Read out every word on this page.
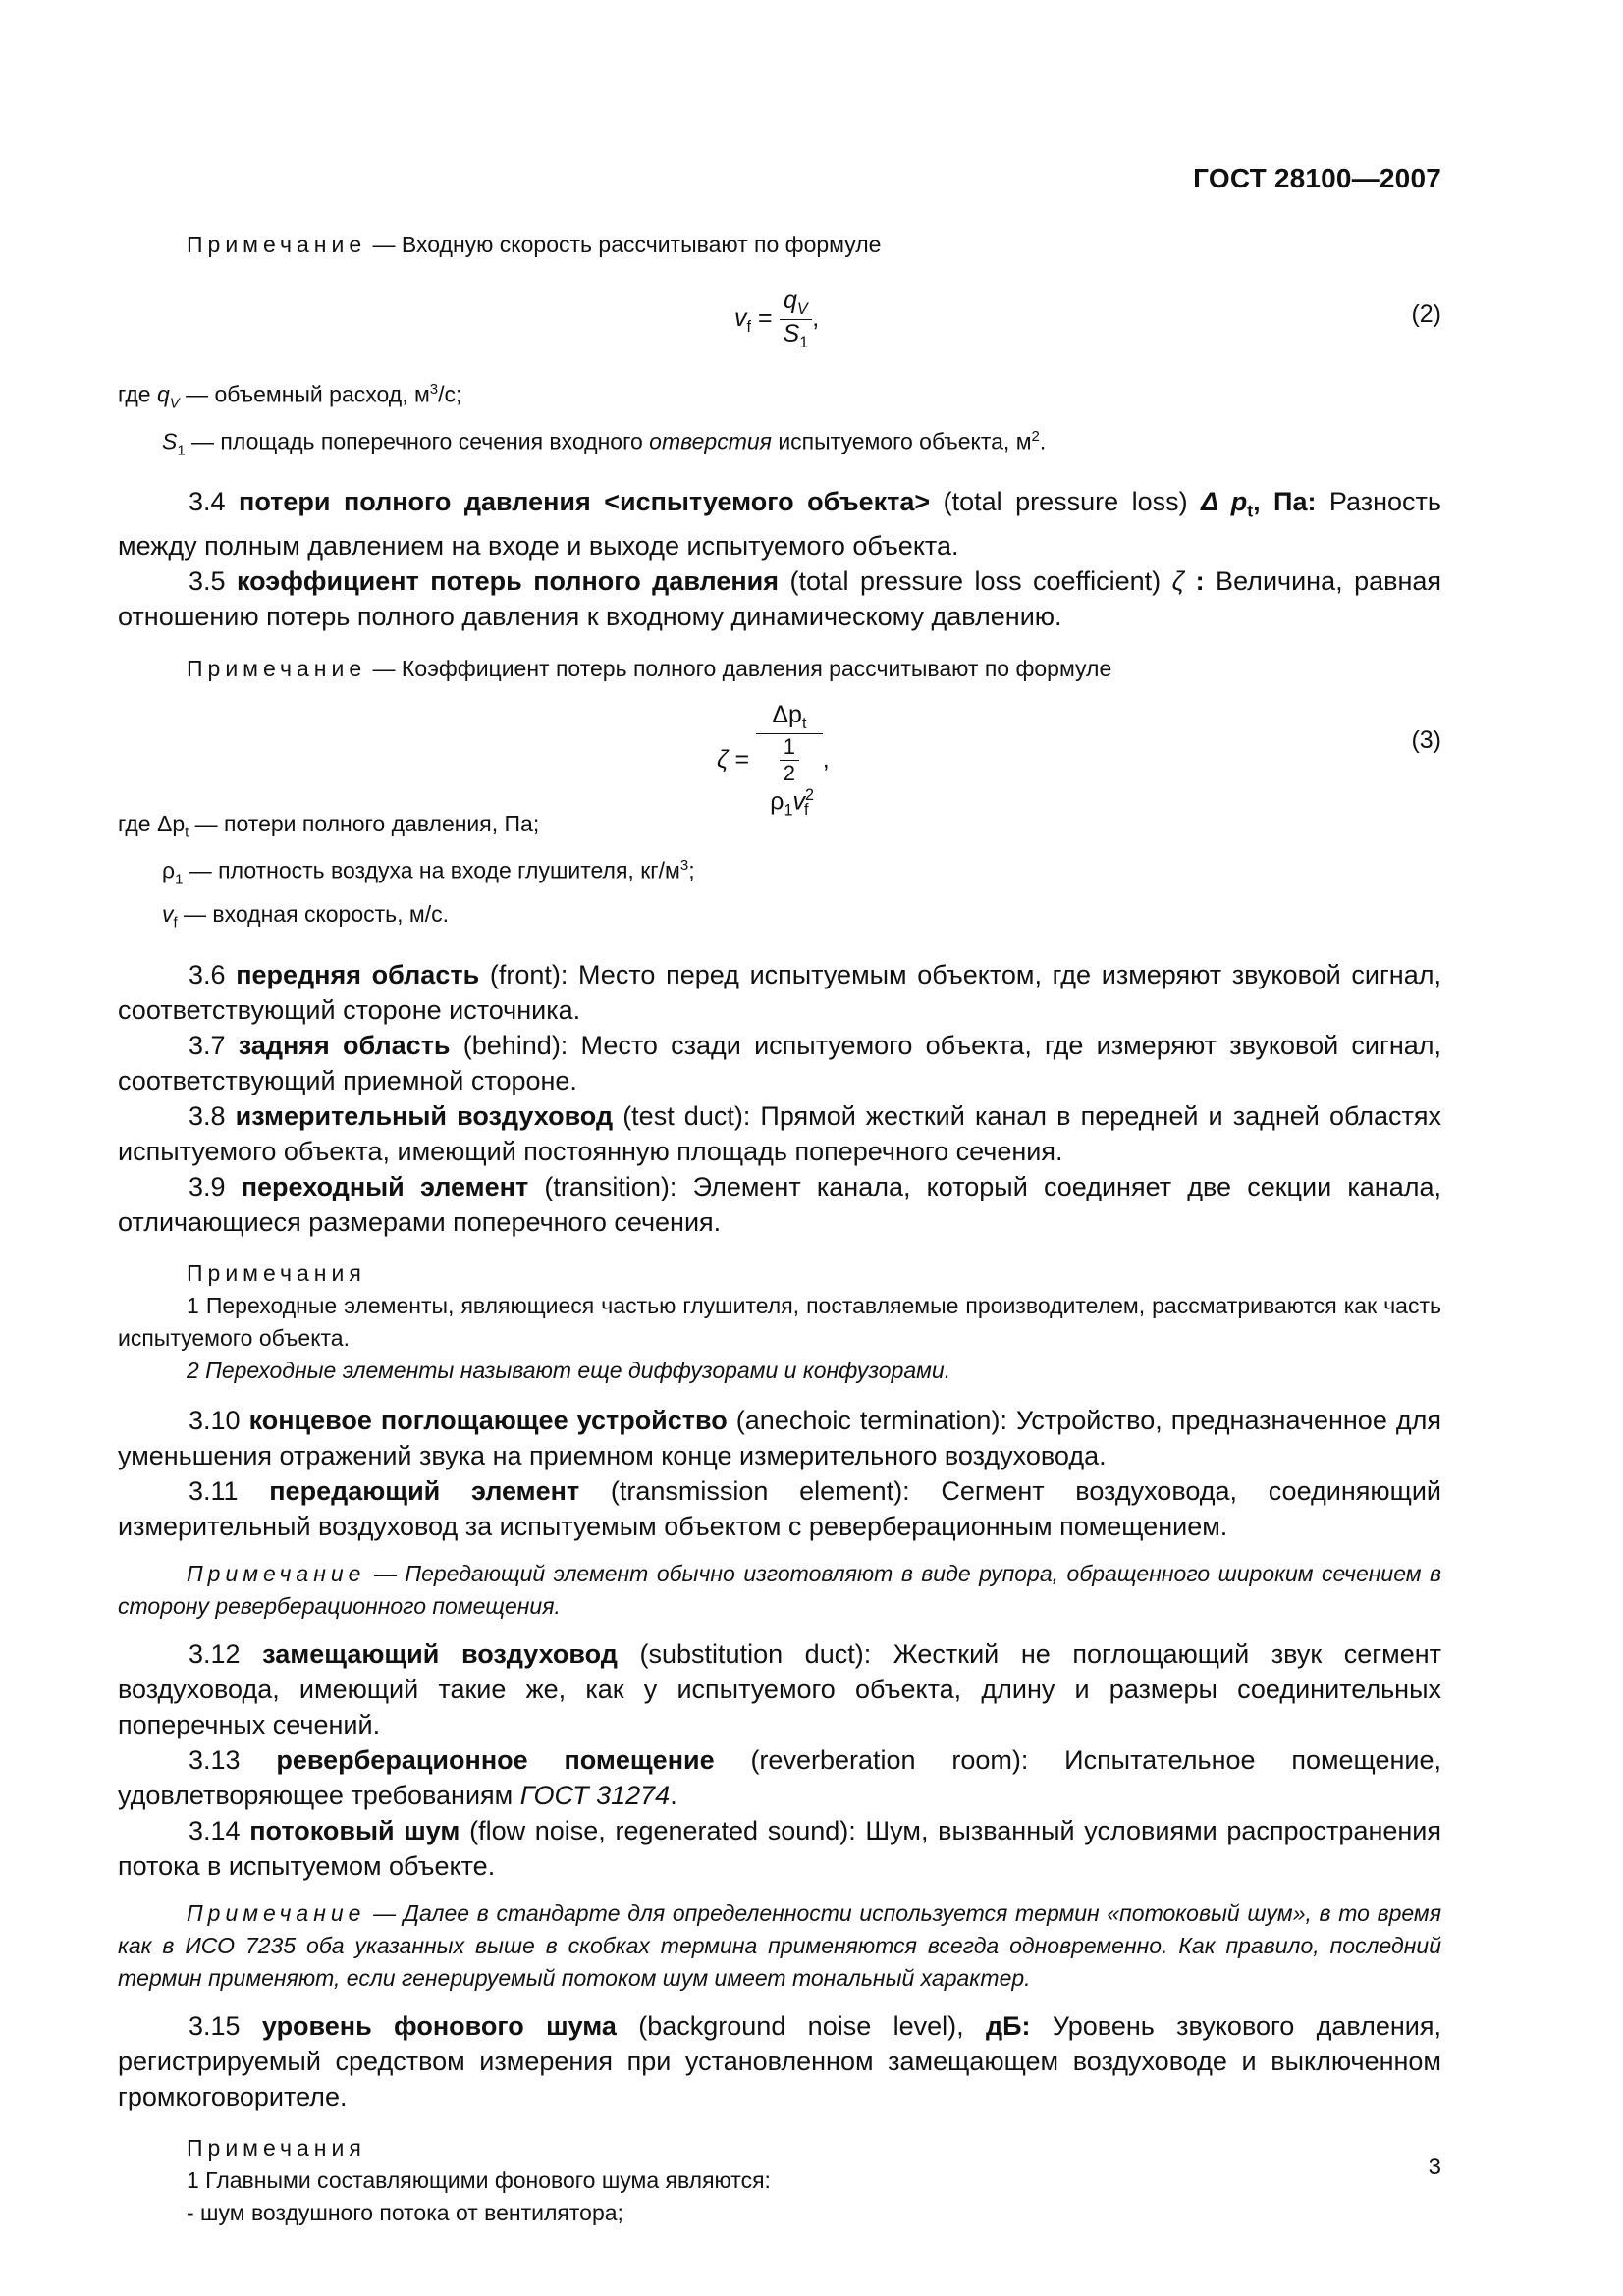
ГОСТ 28100—2007

Примечание — Входную скорость рассчитывают по формуле

$v_f = \frac{q_V}{S_1}$ ,	(2)
где $q_V$ — объемный расход, $м^3/с$;
$S_1$ — площадь поперечного сечения входного отверстия испытуемого объекта, $м^2$.

3.4 потери полного давления <испытуемого объекта> (total pressure loss) Δ $p_t$, Па: Разность между полным давлением на входе и выходе испытуемого объекта.

3.5 коэффициент потерь полного давления (total pressure loss coefficient) ζ : Величина, равная отношению потерь полного давления к входному динамическому давлению.

Примечание — Коэффициент потерь полного давления рассчитывают по формуле

$\zeta = \Delta p_t$
$\frac{1}{2}$
$\rho_1v^2_f$ ,
(3)
где $\Delta p_t$ — потери полного давления, Па;
$\rho_1$ — плотность воздуха на входе глушителя, $кг/м^3$;
$v_f$ — входная скорость, м/с.

3.6 передняя область (front): Место перед испытуемым объектом, где измеряют звуковой сигнал, соответствующий стороне источника.

3.7 задняя область (behind): Место сзади испытуемого объекта, где измеряют звуковой сигнал, соответствующий приемной стороне.

3.8 измерительный воздуховод (test duct): Прямой жесткий канал в передней и задней областях испытуемого объекта, имеющий постоянную площадь поперечного сечения.

3.9 переходный элемент (transition): Элемент канала, который соединяет две секции канала, отличающиеся размерами поперечного сечения.

Примечания
1 Переходные элементы, являющиеся частью глушителя, поставляемые производителем, рассматриваются как часть испытуемого объекта.
2 Переходные элементы называют еще диффузорами и конфузорами.

3.10 концевое поглощающее устройство (anechoic termination): Устройство, предназначенное для уменьшения отражений звука на приемном конце измерительного воздуховода.

3.11 передающий элемент (transmission element): Сегмент воздуховода, соединяющий измерительный воздуховод за испытуемым объектом с реверберационным помещением.

Примечание — Передающий элемент обычно изготовляют в виде рупора, обращенного широким сечением в сторону реверберационного помещения.

3.12 замещающий воздуховод (substitution duct): Жесткий не поглощающий звук сегмент воздуховода, имеющий такие же, как у испытуемого объекта, длину и размеры соединительных поперечных сечений.

3.13 реверберационное помещение (reverberation room): Испытательное помещение, удовлетворяющее требованиям ГОСТ 31274.

3.14 потоковый шум (flow noise, regenerated sound): Шум, вызванный условиями распространения потока в испытуемом объекте.

Примечание — Далее в стандарте для определенности используется термин «потоковый шум», в то время как в ИСО 7235 оба указанных выше в скобках термина применяются всегда одновременно. Как правило, последний термин применяют, если генерируемый потоком шум имеет тональный характер.

3.15 уровень фонового шума (background noise level), дБ: Уровень звукового давления, регистрируемый средством измерения при установленном замещающем воздуховоде и выключенном громкоговорителе.

Примечания
1 Главными составляющими фонового шума являются:
- шум воздушного потока от вентилятора;
3
